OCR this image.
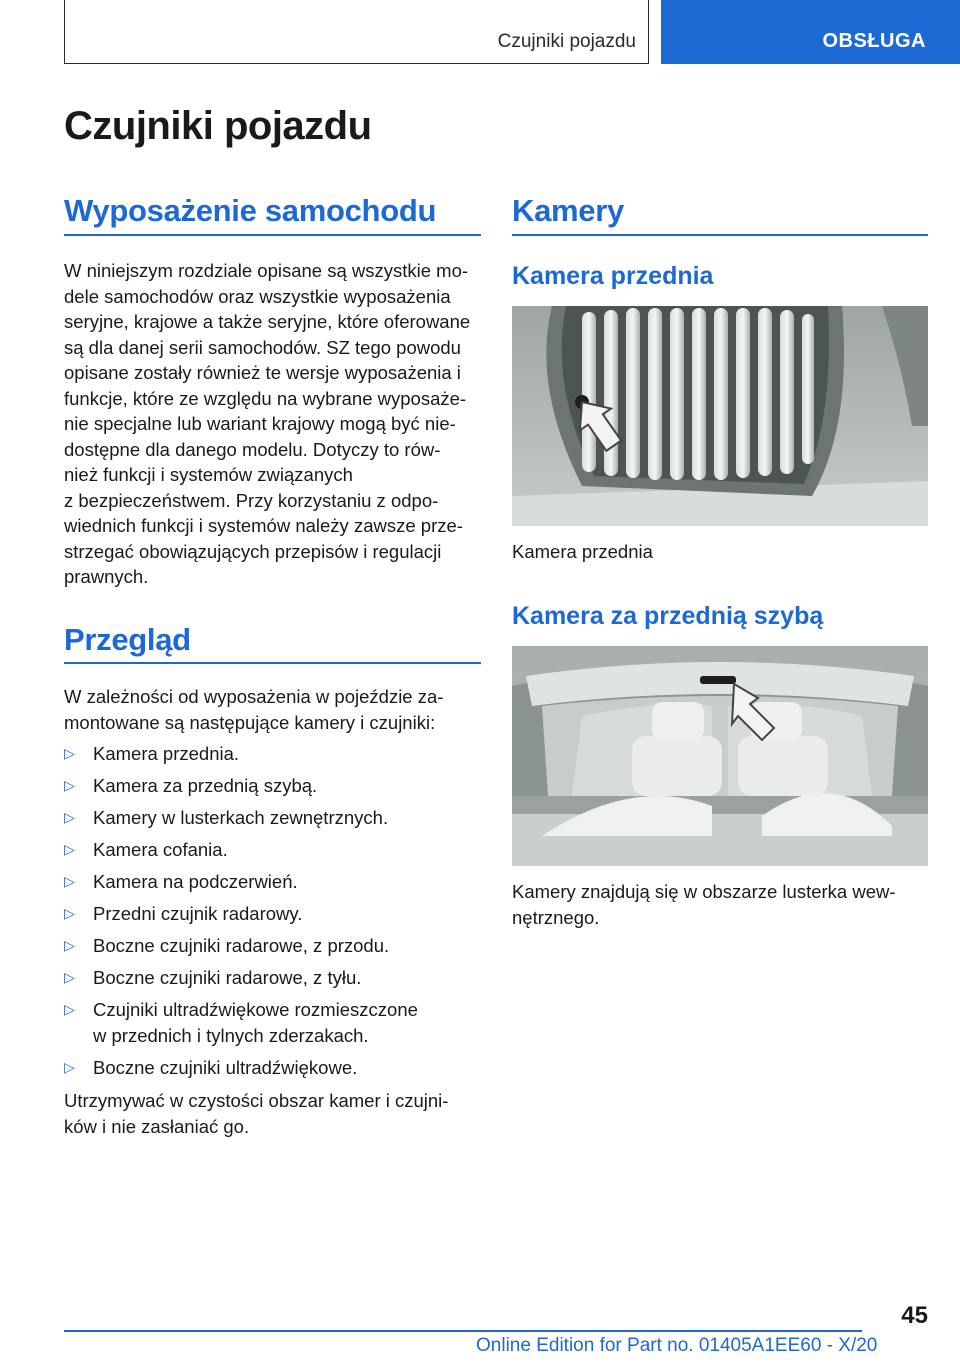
Czujniki pojazdu	OBSŁUGA
Czujniki pojazdu
Wyposażenie samochodu
W niniejszym rozdziale opisane są wszystkie mo‐
dele samochodów oraz wszystkie wyposażenia
seryjne, krajowe a także seryjne, które oferowane
są dla danej serii samochodów. SZ tego powodu
opisane zostały również te wersje wyposażenia i
funkcje, które ze względu na wybrane wyposaże‐
nie specjalne lub wariant krajowy mogą być nie‐
dostępne dla danego modelu. Dotyczy to rów‐
nież funkcji i systemów związanych
z bezpieczeństwem. Przy korzystaniu z odpo‐
wiednich funkcji i systemów należy zawsze prze‐
strzegać obowiązujących przepisów i regulacji
prawnych.
Przegląd
W zależności od wyposażenia w pojeździe za‐
montowane są następujące kamery i czujniki:
▷ Kamera przednia.
▷ Kamera za przednią szybą.
▷ Kamery w lusterkach zewnętrznych.
▷ Kamera cofania.
▷ Kamera na podczerwień.
▷ Przedni czujnik radarowy.
▷ Boczne czujniki radarowe, z przodu.
▷ Boczne czujniki radarowe, z tyłu.
▷ Czujniki ultradźwiękowe rozmieszczone
w przednich i tylnych zderzakach.
▷ Boczne czujniki ultradźwiękowe.
Utrzymywać w czystości obszar kamer i czujni‐
ków i nie zasłaniać go.
Kamery
Kamera przednia
Kamera przednia
Kamera za przednią szybą
Kamery znajdują się w obszarze lusterka wew‐
nętrznego.
45
Online Edition for Part no. 01405A1EE60 - X/20
